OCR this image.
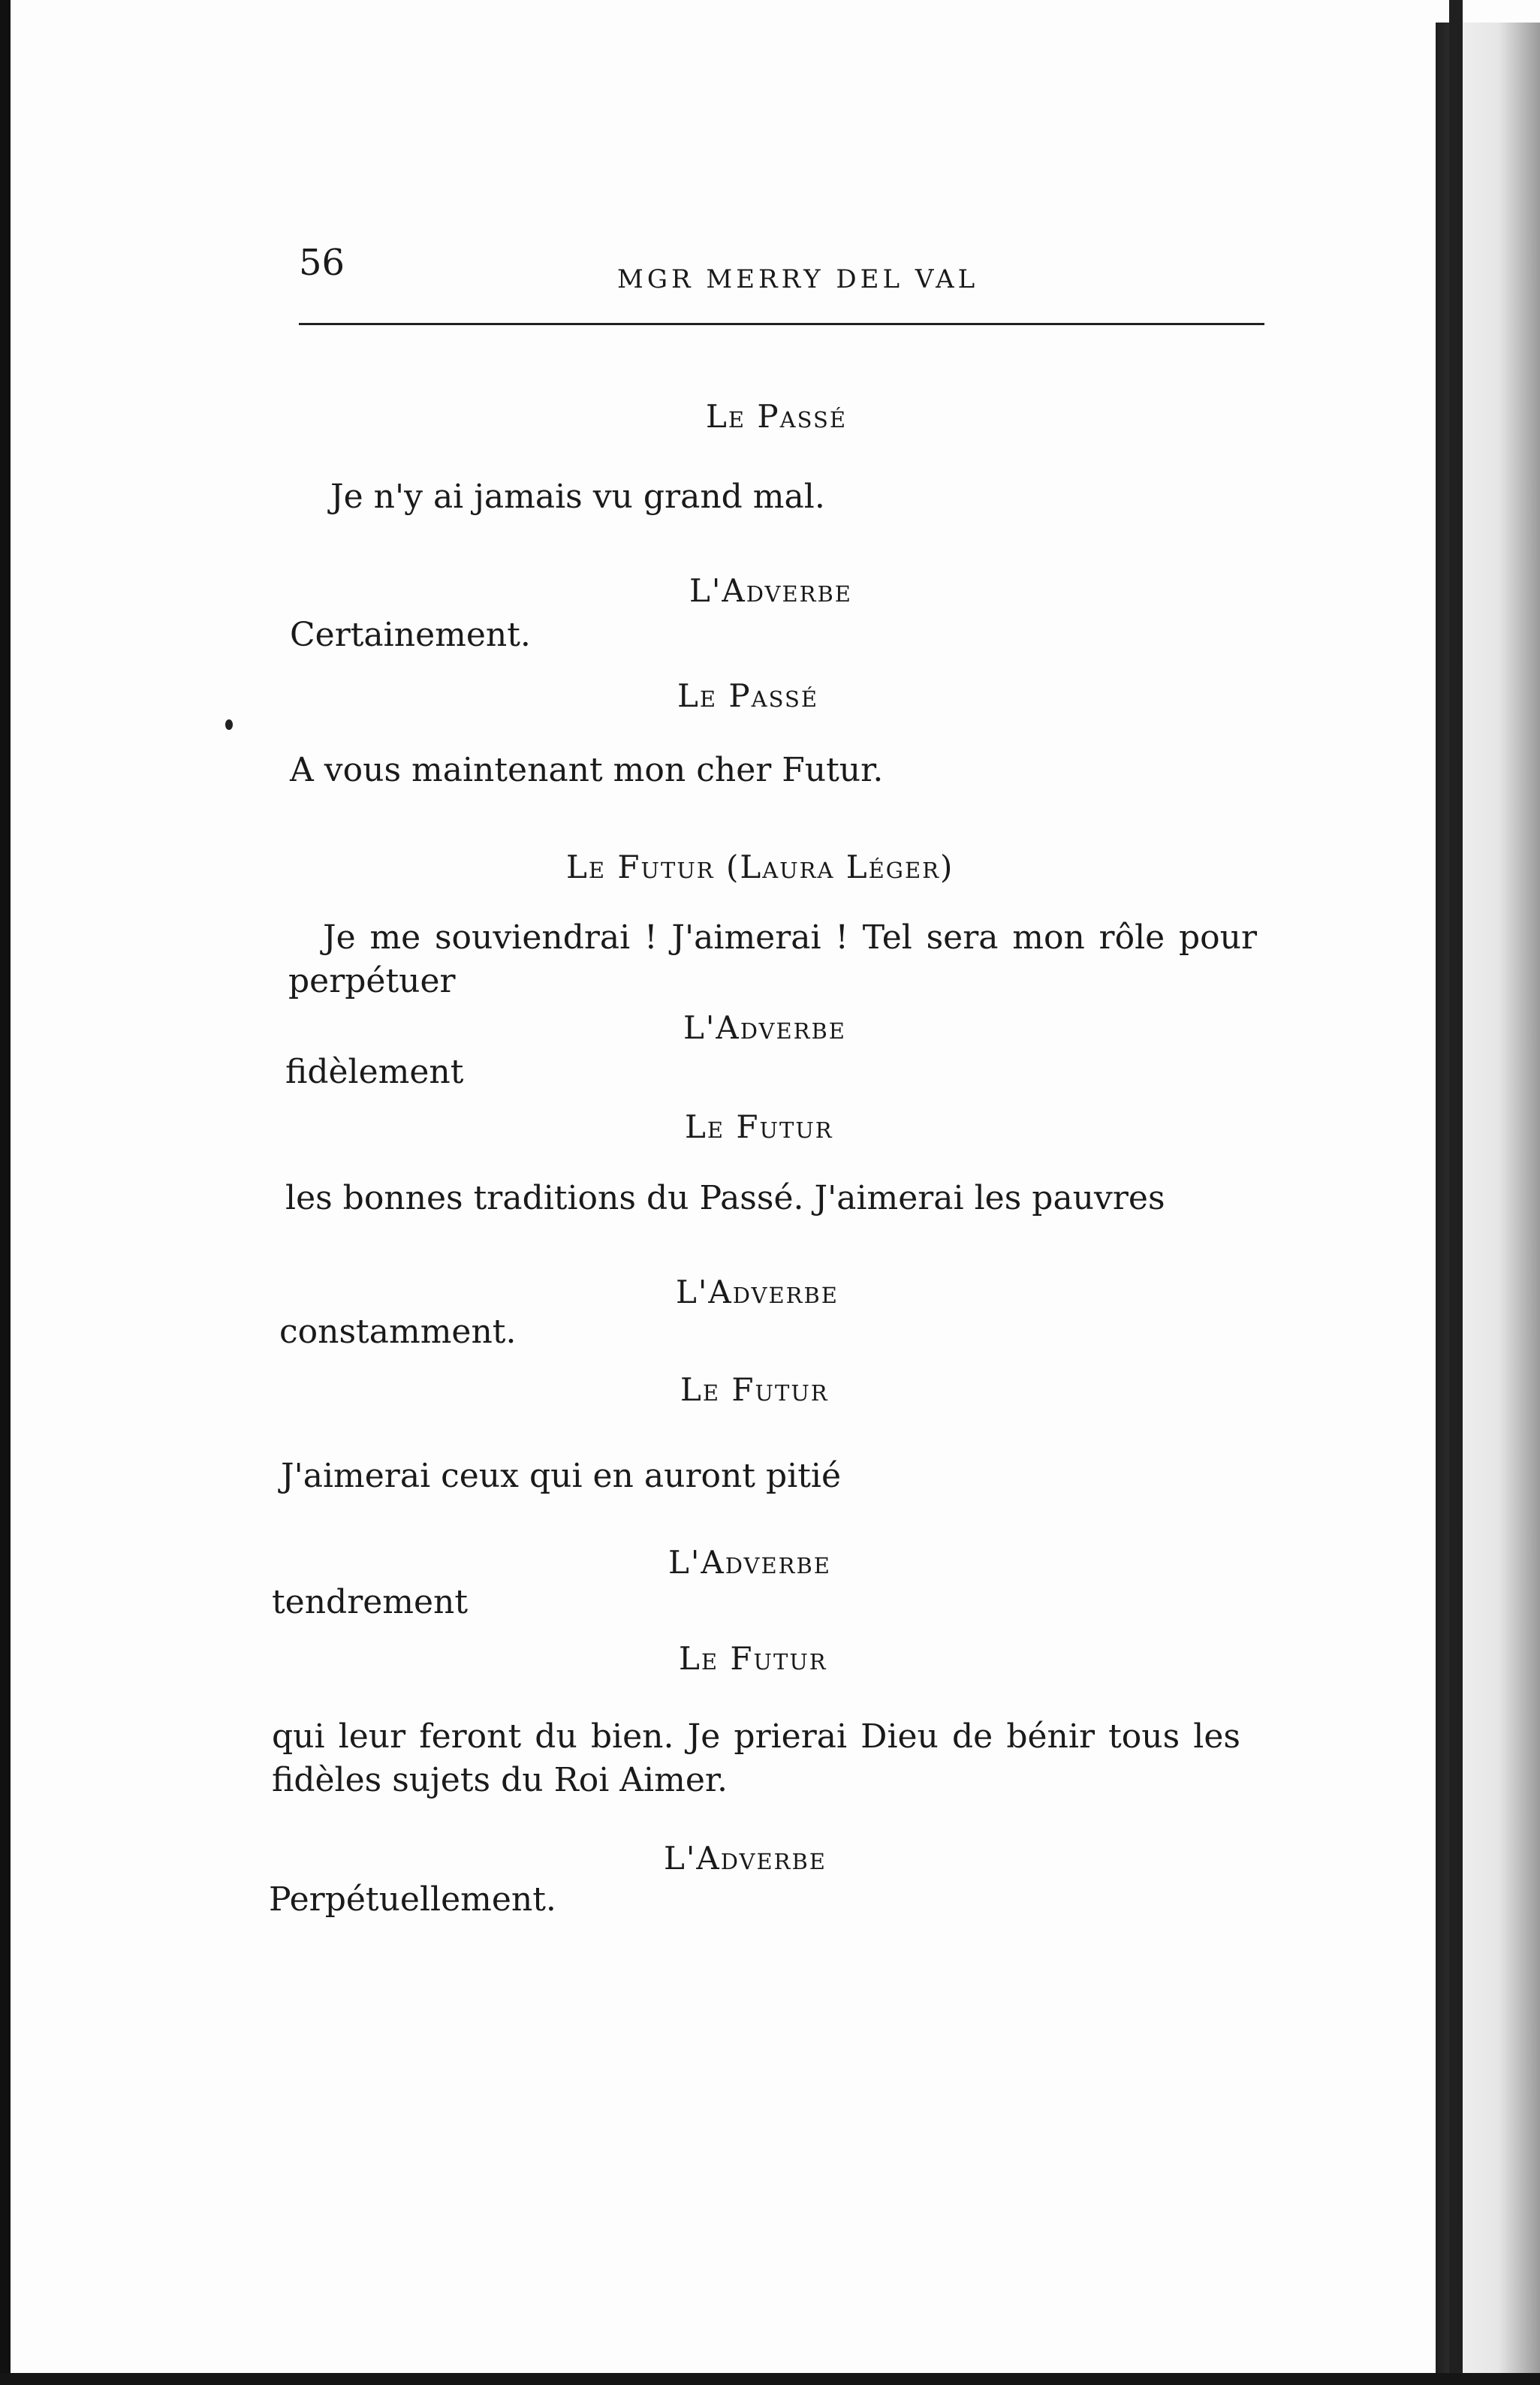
56	MGR MERRY DEL VAL
Le Passé
Je n'y ai jamais vu grand mal.
L'Adverbe
Certainement.
Le Passé
A vous maintenant mon cher Futur.
Le Futur (Laura Léger)
Je me souviendrai ! J'aimerai ! Tel sera mon rôle pour perpétuer
L'Adverbe
fidèlement
Le Futur
les bonnes traditions du Passé. J'aimerai les pauvres
L'Adverbe
constamment.
Le Futur
J'aimerai ceux qui en auront pitié
L'Adverbe
tendrement
Le Futur
qui leur feront du bien. Je prierai Dieu de bénir tous les fidèles sujets du Roi Aimer.
L'Adverbe
Perpétuellement.
